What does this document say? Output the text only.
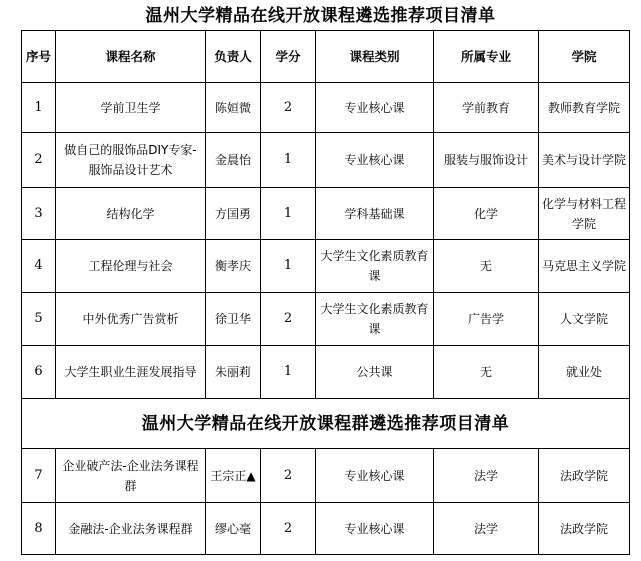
温州大学精品在线开放课程遴选推荐项目清单
序号	课程名称	负责人	学分	课程类别	所属专业	学院
1	学前卫生学	陈姮微	2	专业核心课	学前教育	教师教育学院
2	做自己的服饰品DIY专家-服饰品设计艺术	金晨怡	1	专业核心课	服装与服饰设计	美术与设计学院
3	结构化学	方国勇	1	学科基础课	化学	化学与材料工程学院
4	工程伦理与社会	衡孝庆	1	大学生文化素质教育课	无	马克思主义学院
5	中外优秀广告赏析	徐卫华	2	大学生文化素质教育课	广告学	人文学院
6	大学生职业生涯发展指导	朱丽莉	1	公共课	无	就业处
温州大学精品在线开放课程群遴选推荐项目清单						
7	企业破产法-企业法务课程群	王宗正▲	2	专业核心课	法学	法政学院
8	金融法-企业法务课程群	缪心毫	2	专业核心课	法学	法政学院
